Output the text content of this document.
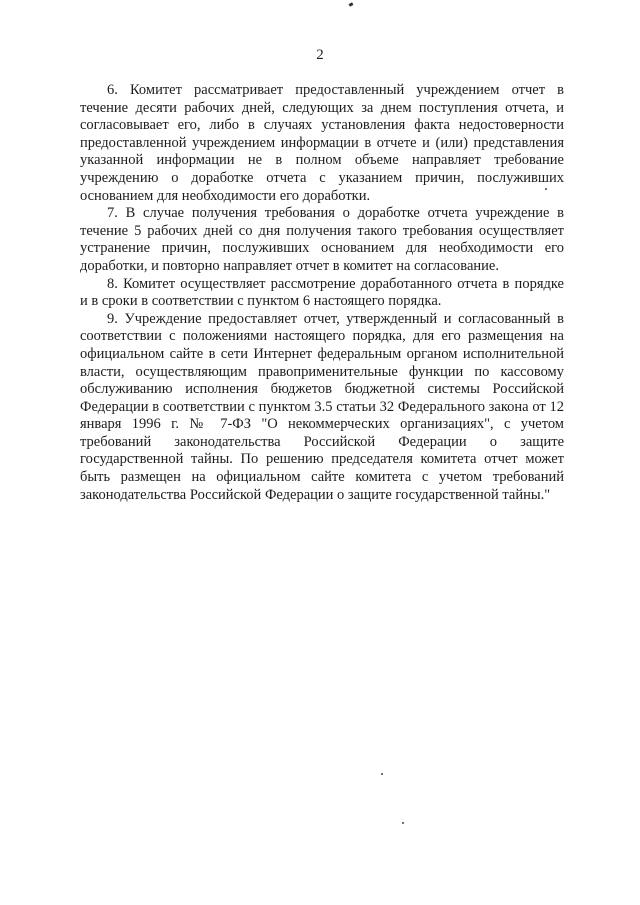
2

6. Комитет рассматривает предоставленный учреждением отчет в течение десяти рабочих дней, следующих за днем поступления отчета, и согласовывает его, либо в случаях установления факта недостоверности предоставленной учреждением информации в отчете и (или) представления указанной информации не в полном объеме направляет требование учреждению о доработке отчета с указанием причин, послуживших основанием для необходимости его доработки.

7. В случае получения требования о доработке отчета учреждение в течение 5 рабочих дней со дня получения такого требования осуществляет устранение причин, послуживших основанием для необходимости его доработки, и повторно направляет отчет в комитет на согласование.

8. Комитет осуществляет рассмотрение доработанного отчета в порядке и в сроки в соответствии с пунктом 6 настоящего порядка.

9. Учреждение предоставляет отчет, утвержденный и согласованный в соответствии с положениями настоящего порядка, для его размещения на официальном сайте в сети Интернет федеральным органом исполнительной власти, осуществляющим правоприменительные функции по кассовому обслуживанию исполнения бюджетов бюджетной системы Российской Федерации в соответствии с пунктом 3.5 статьи 32 Федерального закона от 12 января 1996 г. № 7-ФЗ "О некоммерческих организациях", с учетом требований законодательства Российской Федерации о защите государственной тайны. По решению председателя комитета отчет может быть размещен на официальном сайте комитета с учетом требований законодательства Российской Федерации о защите государственной тайны."
